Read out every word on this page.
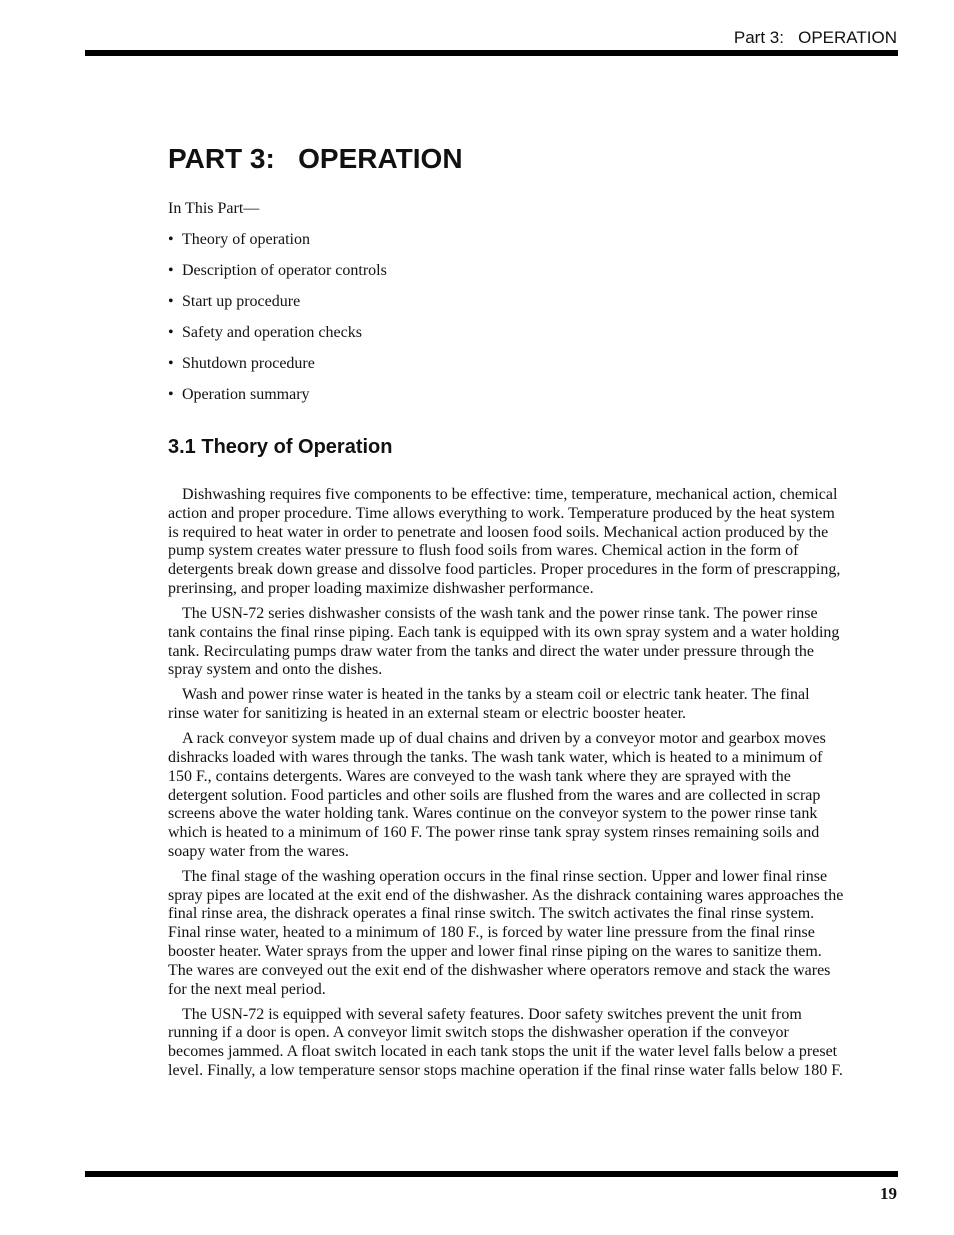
Part 3:   OPERATION
PART 3:   OPERATION

In This Part—

• Theory of operation
• Description of operator controls
• Start up procedure
• Safety and operation checks
• Shutdown procedure
• Operation summary
3.1 Theory of Operation

Dishwashing requires five components to be effective: time, temperature, mechanical action, chemical action and proper procedure. Time allows everything to work. Temperature produced by the heat system is required to heat water in order to penetrate and loosen food soils. Mechanical action produced by the pump system creates water pressure to flush food soils from wares. Chemical action in the form of detergents break down grease and dissolve food particles. Proper procedures in the form of prescrapping, prerinsing, and proper loading maximize dishwasher performance.

The USN-72 series dishwasher consists of the wash tank and the power rinse tank. The power rinse tank contains the final rinse piping. Each tank is equipped with its own spray system and a water holding tank. Recirculating pumps draw water from the tanks and direct the water under pressure through the spray system and onto the dishes.

Wash and power rinse water is heated in the tanks by a steam coil or electric tank heater. The final rinse water for sanitizing is heated in an external steam or electric booster heater.

A rack conveyor system made up of dual chains and driven by a conveyor motor and gearbox moves dishracks loaded with wares through the tanks. The wash tank water, which is heated to a minimum of 150 F., contains detergents. Wares are conveyed to the wash tank where they are sprayed with the detergent solution. Food particles and other soils are flushed from the wares and are collected in scrap screens above the water holding tank. Wares continue on the conveyor system to the power rinse tank which is heated to a minimum of 160 F. The power rinse tank spray system rinses remaining soils and soapy water from the wares.

The final stage of the washing operation occurs in the final rinse section. Upper and lower final rinse spray pipes are located at the exit end of the dishwasher. As the dishrack containing wares approaches the final rinse area, the dishrack operates a final rinse switch. The switch activates the final rinse system. Final rinse water, heated to a minimum of 180 F., is forced by water line pressure from the final rinse booster heater. Water sprays from the upper and lower final rinse piping on the wares to sanitize them. The wares are conveyed out the exit end of the dishwasher where operators remove and stack the wares for the next meal period.

The USN-72 is equipped with several safety features. Door safety switches prevent the unit from running if a door is open. A conveyor limit switch stops the dishwasher operation if the conveyor becomes jammed. A float switch located in each tank stops the unit if the water level falls below a preset level. Finally, a low temperature sensor stops machine operation if the final rinse water falls below 180 F.

19
